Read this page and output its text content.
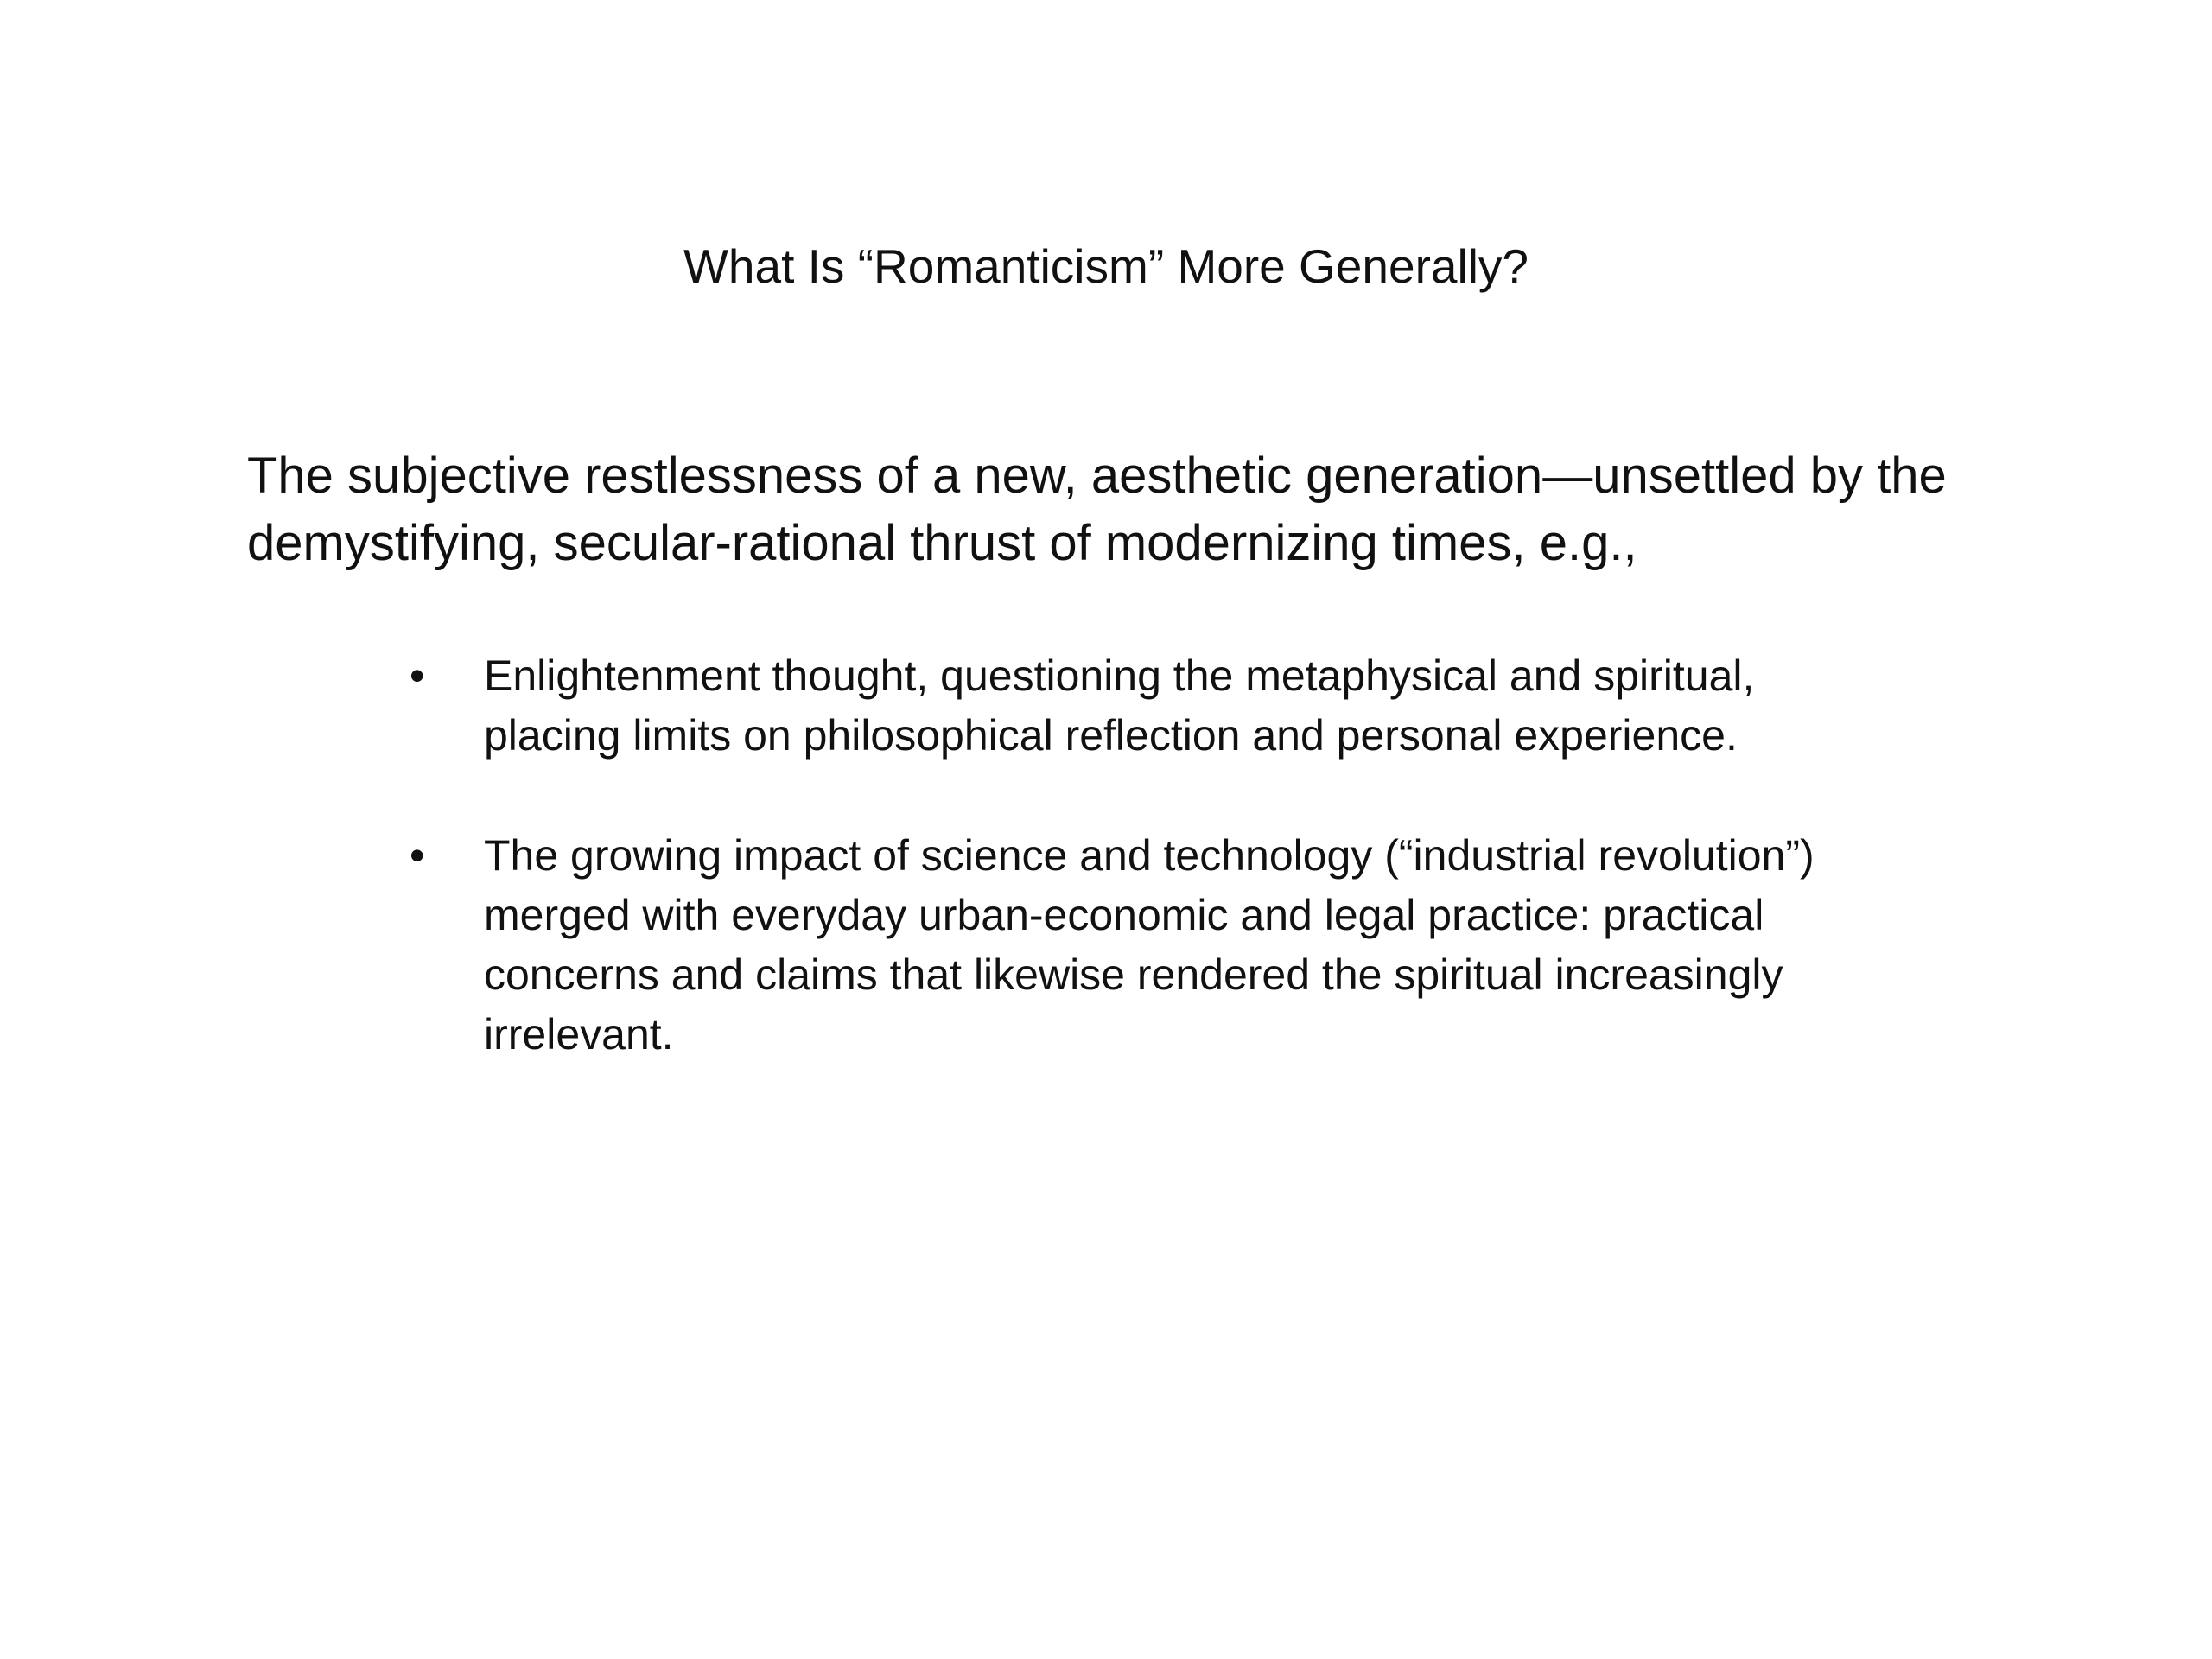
What Is “Romanticism” More Generally?
The subjective restlessness of a new, aesthetic generation—unsettled by the
demystifying, secular-rational thrust of modernizing times, e.g.,
• Enlightenment thought, questioning the metaphysical and spiritual,
placing limits on philosophical reflection and personal experience.
• The growing impact of science and technology (“industrial revolution”)
merged with everyday urban-economic and legal practice: practical
concerns and claims that likewise rendered the spiritual increasingly
irrelevant.
